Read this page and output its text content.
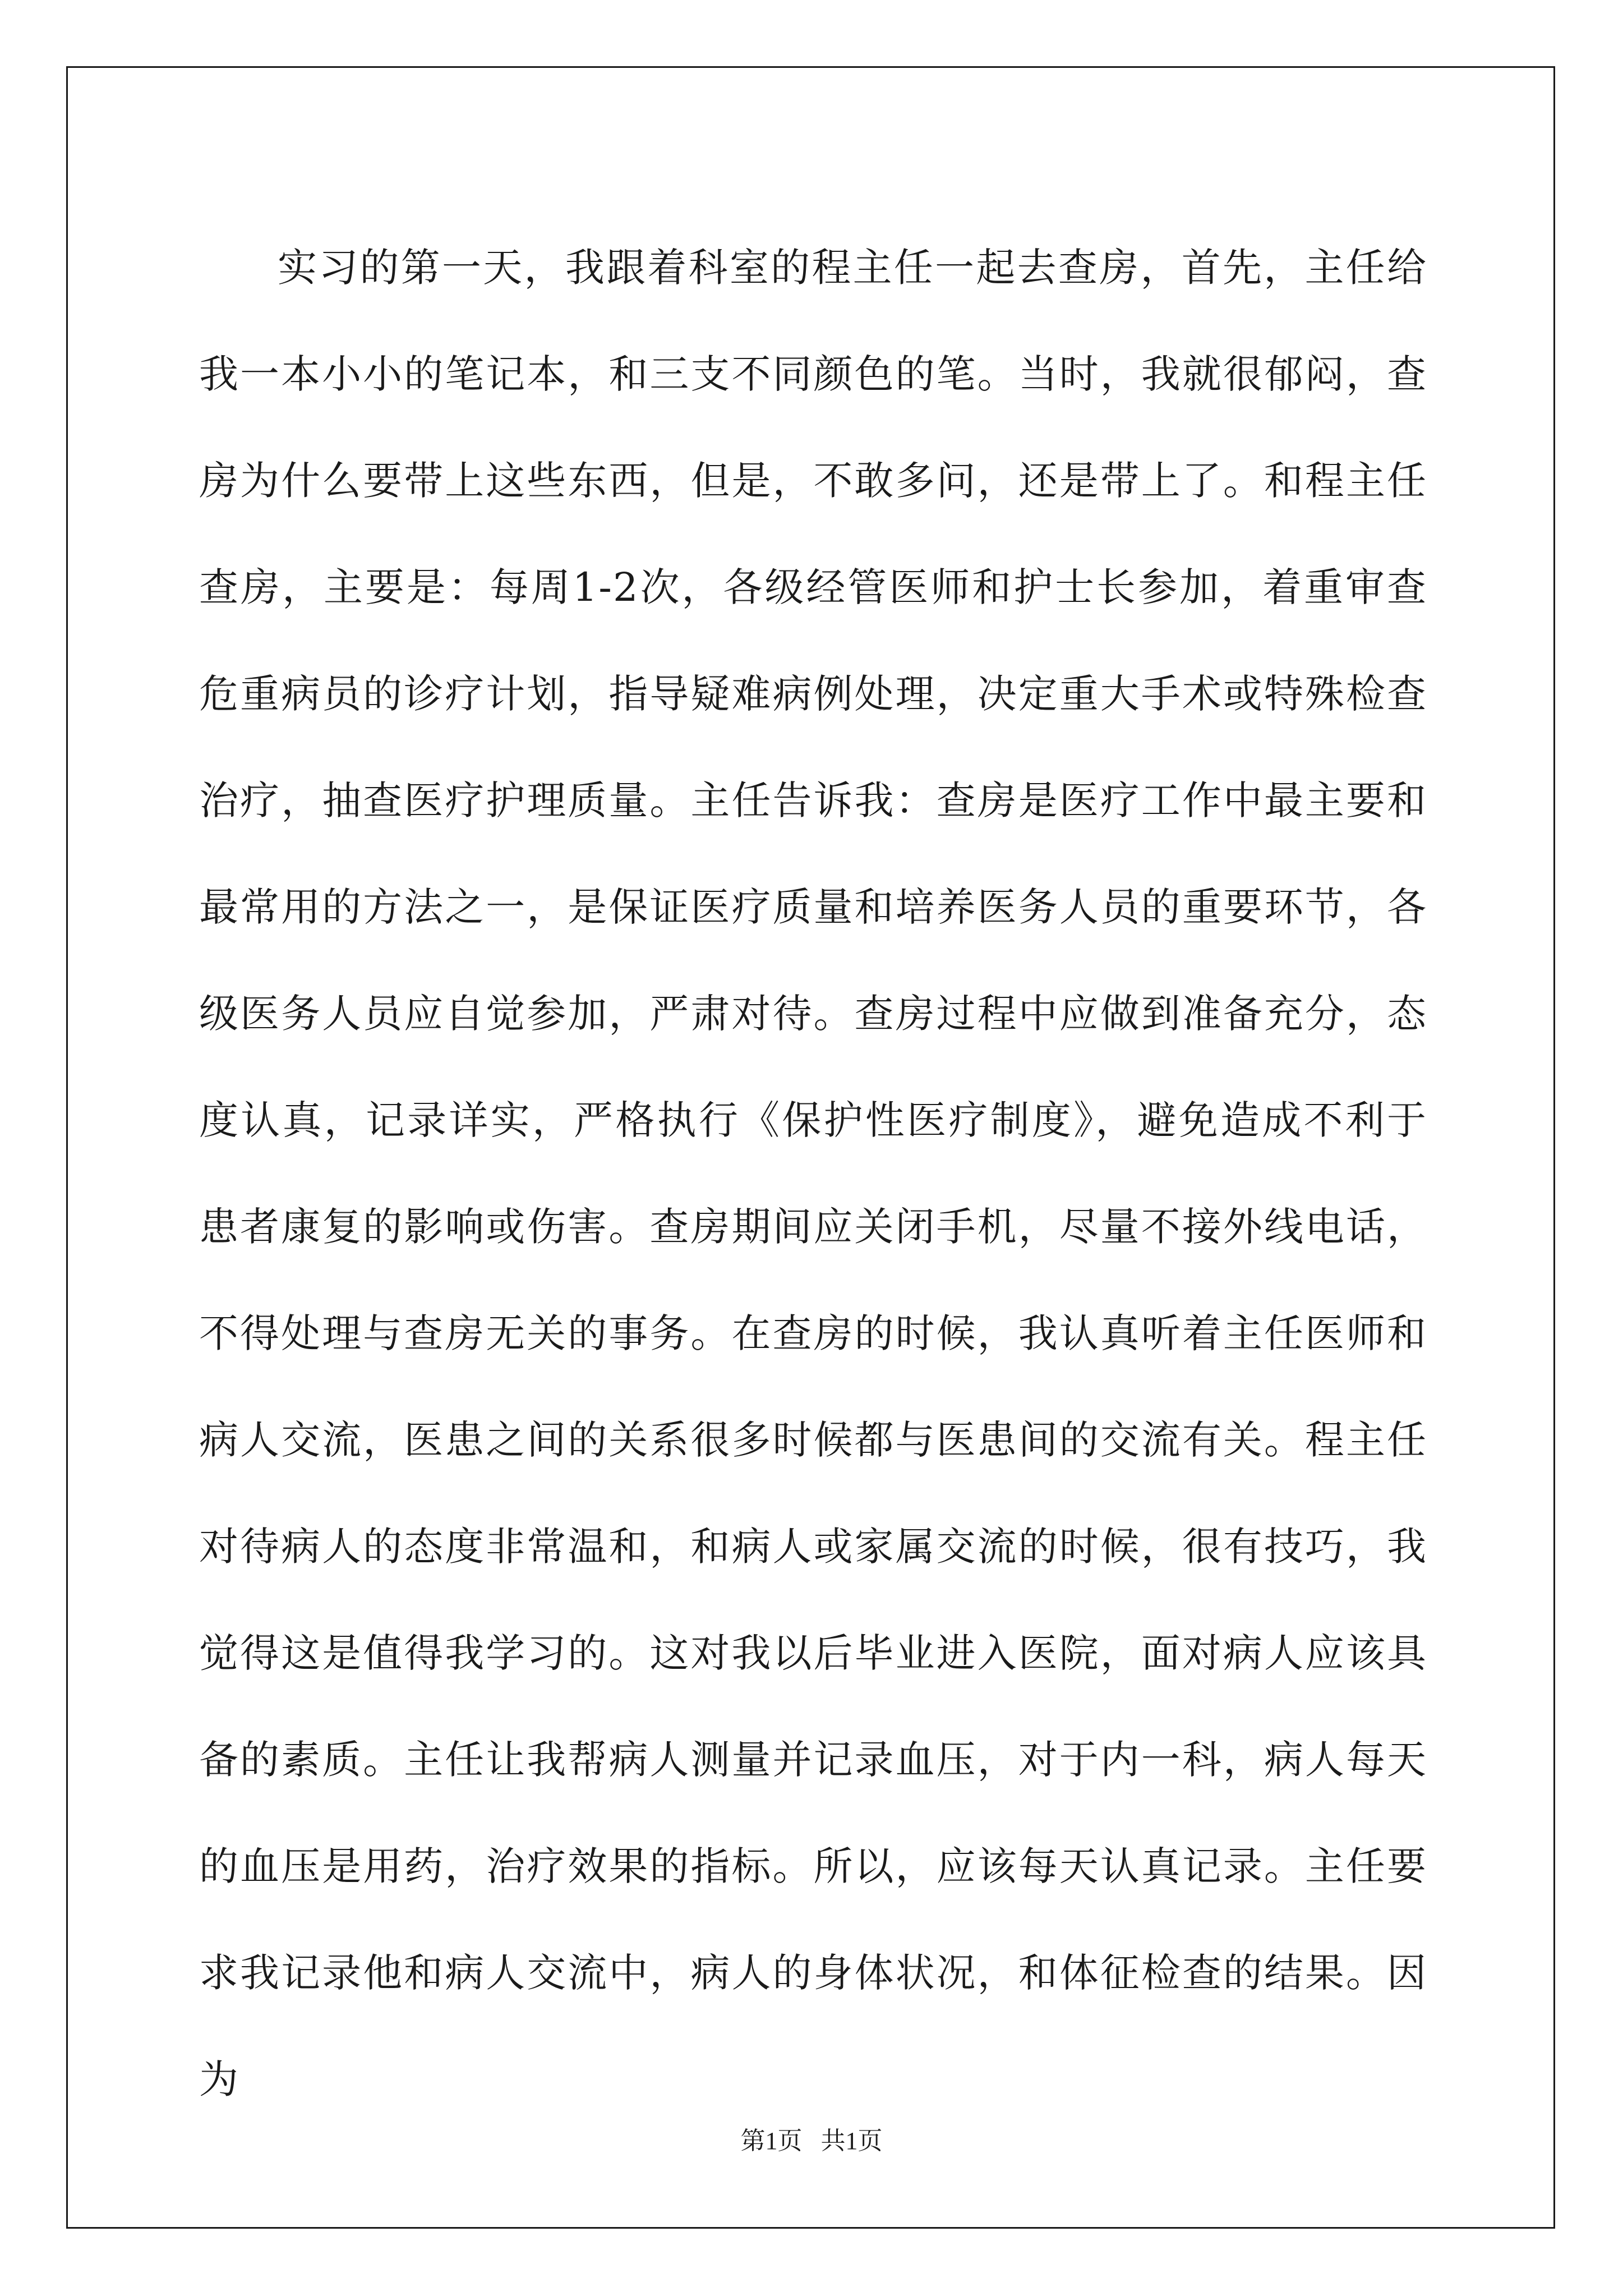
实习的第一天，我跟着科室的程主任一起去查房，首先，主任给我一本小小的笔记本，和三支不同颜色的笔。当时，我就很郁闷，查房为什么要带上这些东西，但是，不敢多问，还是带上了。和程主任查房，主要是：每周1-2次，各级经管医师和护士长参加，着重审查危重病员的诊疗计划，指导疑难病例处理，决定重大手术或特殊检查治疗，抽查医疗护理质量。主任告诉我：查房是医疗工作中最主要和最常用的方法之一，是保证医疗质量和培养医务人员的重要环节，各级医务人员应自觉参加，严肃对待。查房过程中应做到准备充分，态度认真，记录详实，严格执行《保护性医疗制度》，避免造成不利于患者康复的影响或伤害。查房期间应关闭手机，尽量不接外线电话，不得处理与查房无关的事务。在查房的时候，我认真听着主任医师和病人交流，医患之间的关系很多时候都与医患间的交流有关。程主任对待病人的态度非常温和，和病人或家属交流的时候，很有技巧，我觉得这是值得我学习的。这对我以后毕业进入医院，面对病人应该具备的素质。主任让我帮病人测量并记录血压，对于内一科，病人每天的血压是用药，治疗效果的指标。所以，应该每天认真记录。主任要求我记录他和病人交流中，病人的身体状况，和体征检查的结果。因为

第1页   共1页
